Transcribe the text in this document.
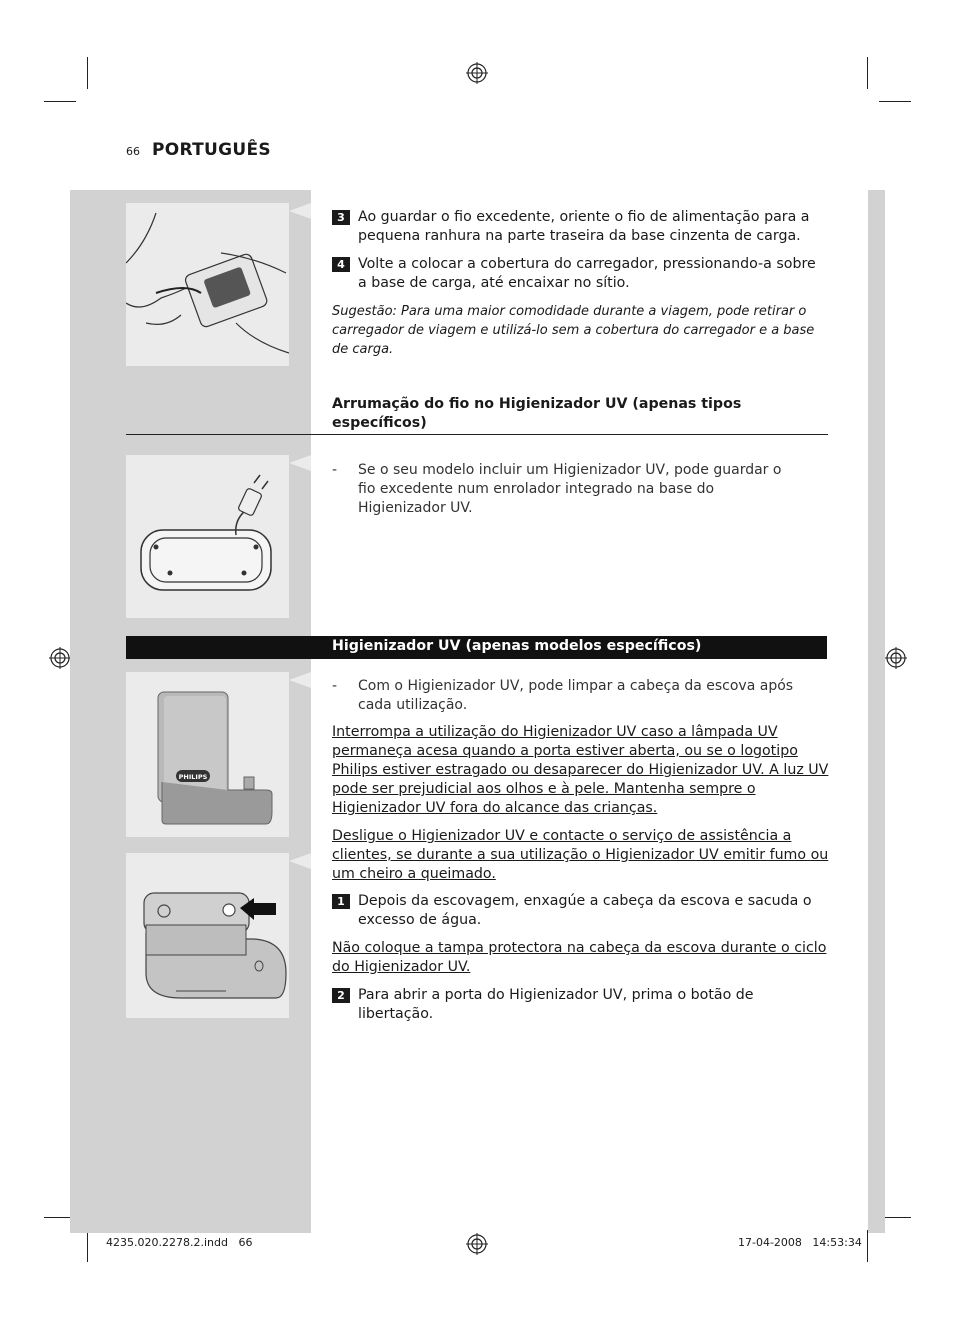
66 PORTUGUÊS
3 Ao guardar o fio excedente, oriente o fio de alimentação para a pequena ranhura na parte traseira da base cinzenta de carga.
4 Volte a colocar a cobertura do carregador, pressionando-a sobre a base de carga, até encaixar no sítio.
Sugestão: Para uma maior comodidade durante a viagem, pode retirar o carregador de viagem e utilizá-lo sem a cobertura do carregador e a base de carga.
Arrumação do fio no Higienizador UV (apenas tipos específicos)
- Se o seu modelo incluir um Higienizador UV, pode guardar o fio excedente num enrolador integrado na base do Higienizador UV.
Higienizador UV (apenas modelos específicos)
PHILIPS
- Com o Higienizador UV, pode limpar a cabeça da escova após cada utilização.
Interrompa a utilização do Higienizador UV caso a lâmpada UV permaneça acesa quando a porta estiver aberta, ou se o logotipo Philips estiver estragado ou desaparecer do Higienizador UV. A luz UV pode ser prejudicial aos olhos e à pele. Mantenha sempre o Higienizador UV fora do alcance das crianças.
Desligue o Higienizador UV e contacte o serviço de assistência a clientes, se durante a sua utilização o Higienizador UV emitir fumo ou um cheiro a queimado.
1 Depois da escovagem, enxagúe a cabeça da escova e sacuda o excesso de água.
Não coloque a tampa protectora na cabeça da escova durante o ciclo do Higienizador UV.
2 Para abrir a porta do Higienizador UV, prima o botão de libertação.
4235.020.2278.2.indd   66	17-04-2008   14:53:34
